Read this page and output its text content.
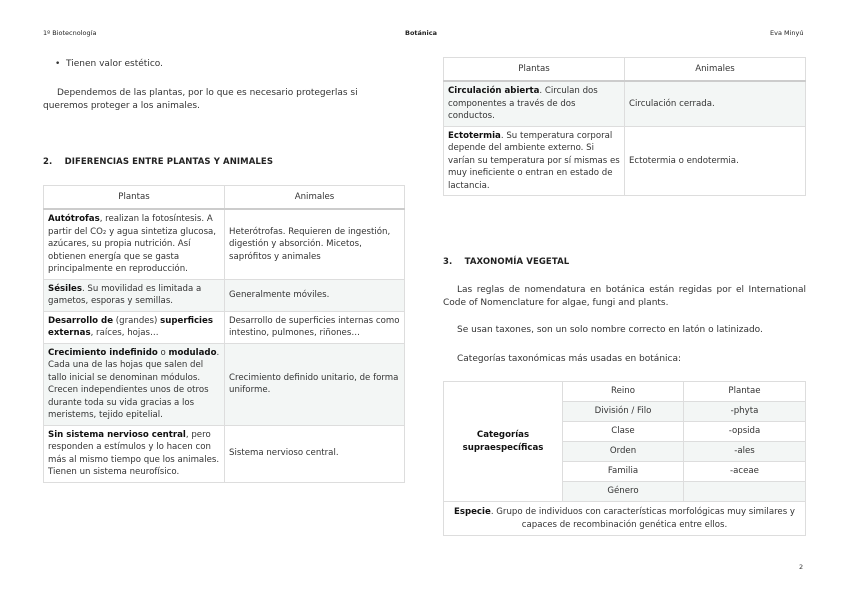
1º Biotecnología	Botánica	Eva Minyú
•  Tienen valor estético.
Dependemos de las plantas, por lo que es necesario protegerlas si queremos proteger a los animales.
2.    DIFERENCIAS ENTRE PLANTAS Y ANIMALES
Plantas	Animales
Autótrofas, realizan la fotosíntesis. A partir del CO₂ y agua sintetiza glucosa, azúcares, su propia nutrición. Así obtienen energía que se gasta principalmente en reproducción.	Heterótrofas. Requieren de ingestión, digestión y absorción. Micetos, saprófitos y animales
Sésiles. Su movilidad es limitada a gametos, esporas y semillas.	Generalmente móviles.
Desarrollo de (grandes) superficies externas, raíces, hojas…	Desarrollo de superficies internas como intestino, pulmones, riñones…
Crecimiento indefinido o modulado. Cada una de las hojas que salen del tallo inicial se denominan módulos. Crecen independientes unos de otros durante toda su vida gracias a los meristems, tejido epitelial.	Crecimiento definido unitario, de forma uniforme.
Sin sistema nervioso central, pero responden a estímulos y lo hacen con más al mismo tiempo que los animales. Tienen un sistema neurofísico.	Sistema nervioso central.
Plantas	Animales
Circulación abierta. Circulan dos componentes a través de dos conductos.	Circulación cerrada.
Ectotermia. Su temperatura corporal depende del ambiente externo. Si varían su temperatura por sí mismas es muy ineficiente o entran en estado de lactancia.	Ectotermia o endotermia.
3.    TAXONOMÍA VEGETAL
Las reglas de nomendatura en botánica están regidas por el International Code of Nomenclature for algae, fungi and plants.
Se usan taxones, son un solo nombre correcto en latón o latinizado.
Categorías taxonómicas más usadas en botánica:
Categorías supraespecíficas	Reino	Plantae
	División / Filo	-phyta
	Clase	-opsida
	Orden	-ales
	Familia	-aceae
	Género	
Especie. Grupo de individuos con características morfológicas muy similares y capaces de recombinación genética entre ellos.		
2
